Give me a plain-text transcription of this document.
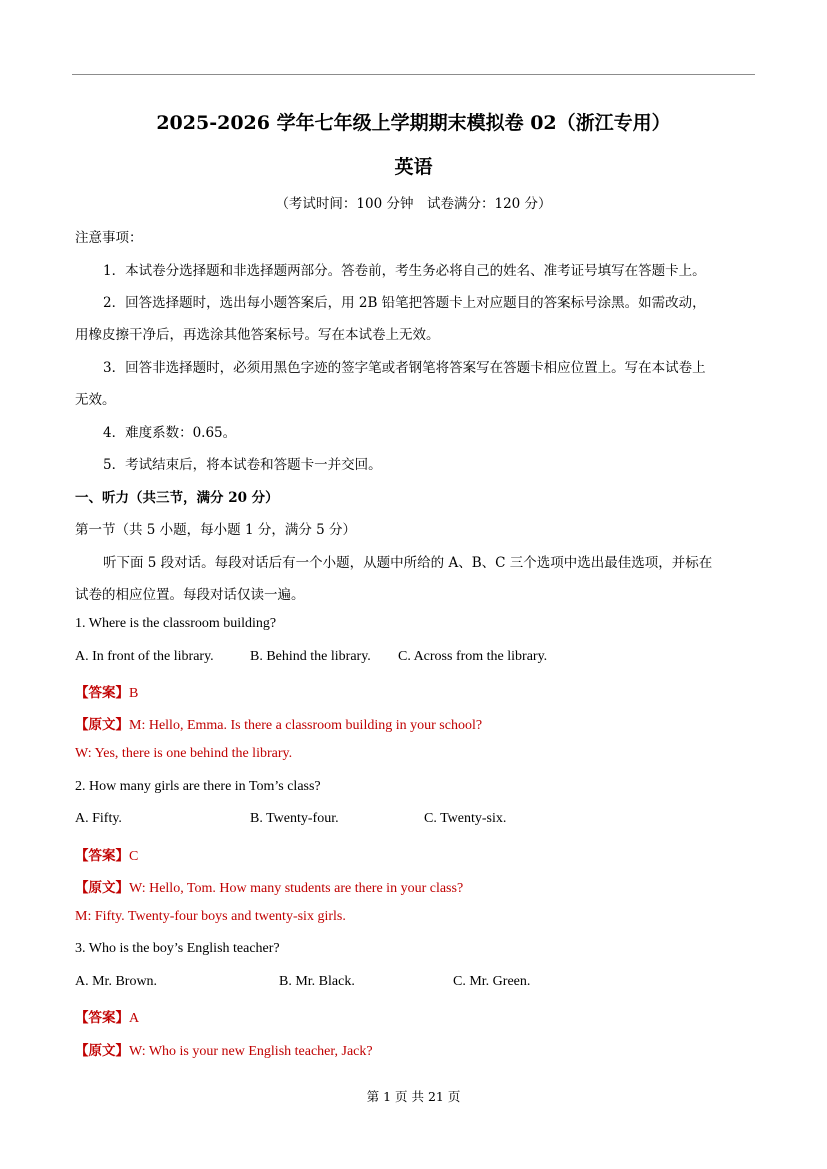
2025-2026 学年七年级上学期期末模拟卷 02（浙江专用）
英语
（考试时间：100 分钟　试卷满分：120 分）
注意事项：
1．本试卷分选择题和非选择题两部分。答卷前，考生务必将自己的姓名、准考证号填写在答题卡上。
2．回答选择题时，选出每小题答案后，用 2B 铅笔把答题卡上对应题目的答案标号涂黑。如需改动，
用橡皮擦干净后，再选涂其他答案标号。写在本试卷上无效。
3．回答非选择题时，必须用黑色字迹的签字笔或者钢笔将答案写在答题卡相应位置上。写在本试卷上
无效。
4．难度系数：0.65。
5．考试结束后，将本试卷和答题卡一并交回。
一、听力（共三节，满分 20 分）
第一节（共 5 小题，每小题 1 分，满分 5 分）
听下面 5 段对话。每段对话后有一个小题，从题中所给的 A、B、C 三个选项中选出最佳选项，并标在
试卷的相应位置。每段对话仅读一遍。
1. Where is the classroom building?
A. In front of the library.	B. Behind the library. C. Across from the library.
【答案】B
【原文】M: Hello, Emma. Is there a classroom building in your school?
W: Yes, there is one behind the library.
2. How many girls are there in Tom’s class?
A. Fifty.	B. Twenty-four.	C. Twenty-six.
【答案】C
【原文】W: Hello, Tom. How many students are there in your class?
M: Fifty. Twenty-four boys and twenty-six girls.
3. Who is the boy’s English teacher?
A. Mr. Brown.	B. Mr. Black.	C. Mr. Green.
【答案】A
【原文】W: Who is your new English teacher, Jack?
第 1 页 共 21 页
